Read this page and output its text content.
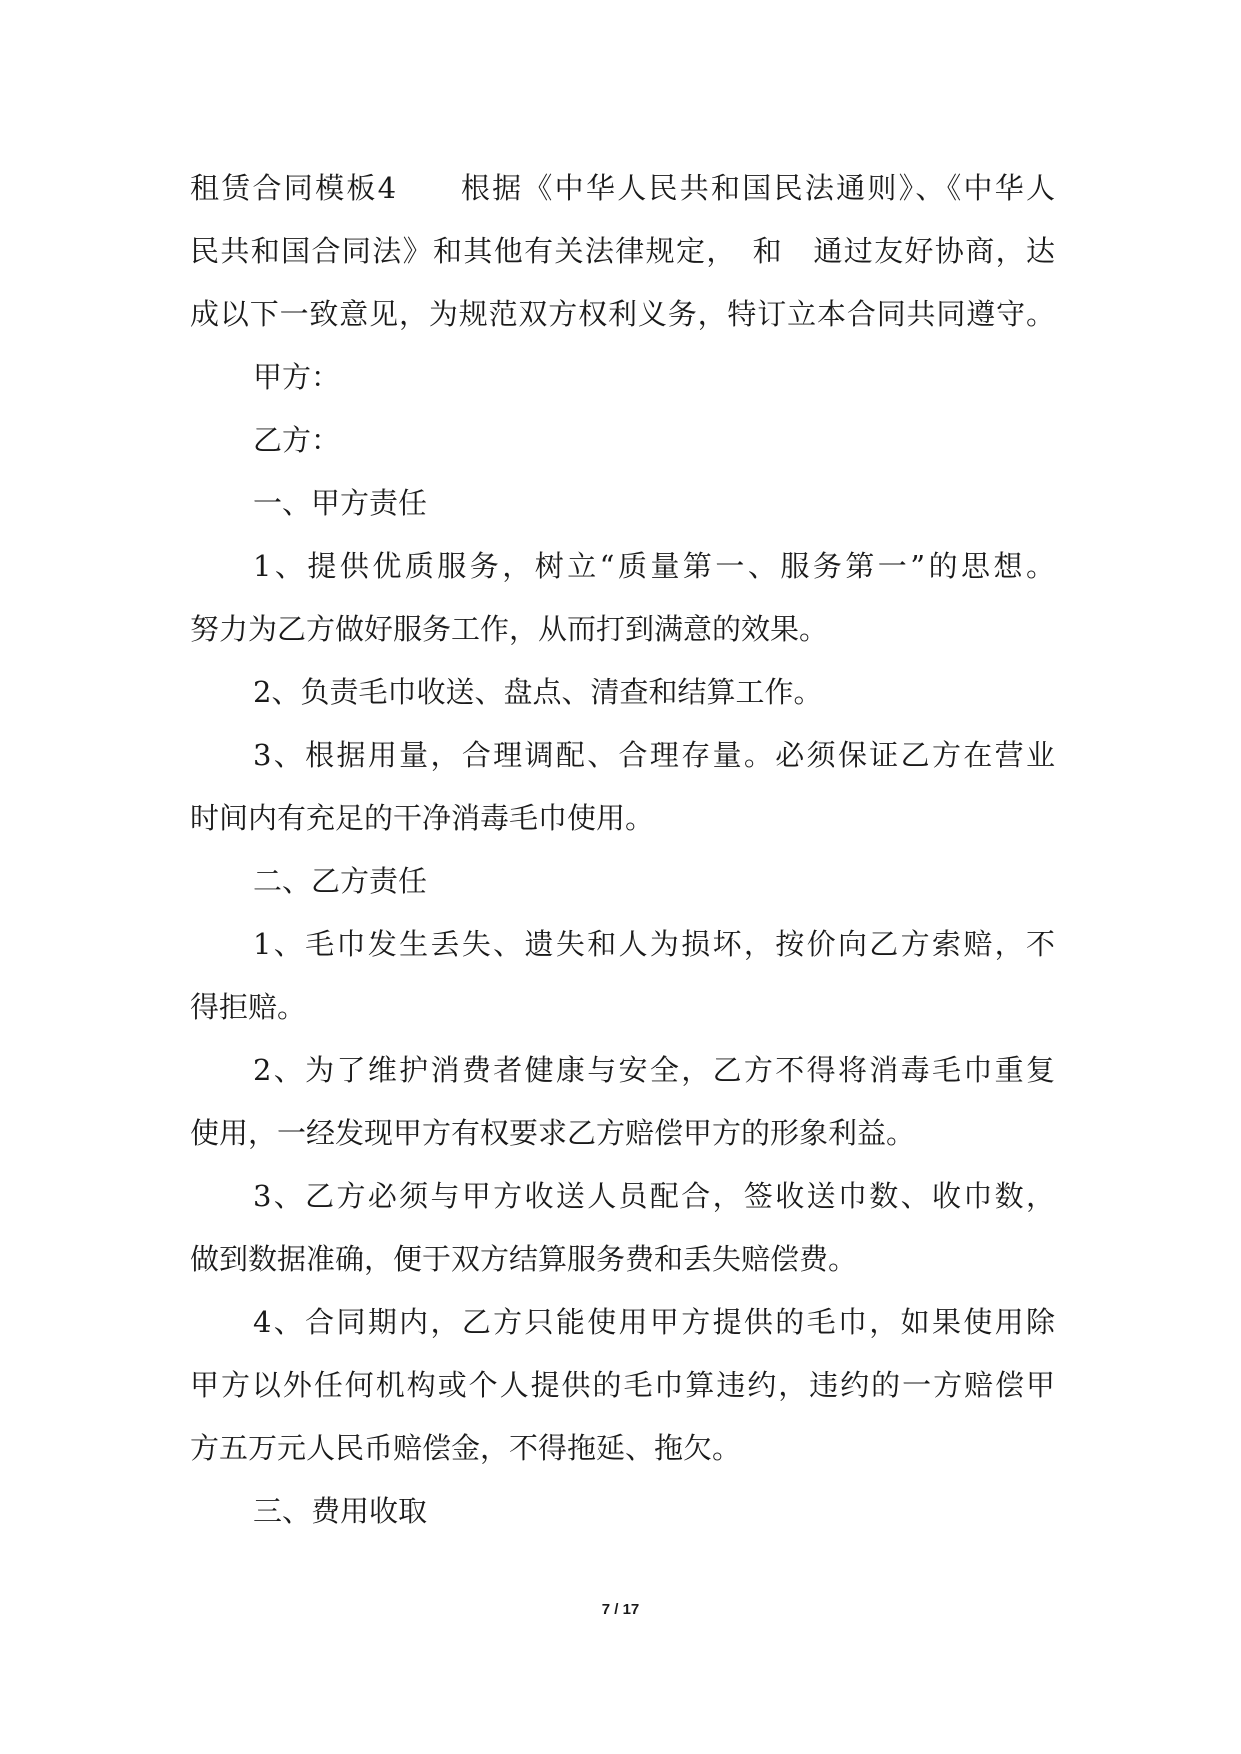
租赁合同模板4　　根据《中华人民共和国民法通则》、《中华人
民共和国合同法》和其他有关法律规定，　和　通过友好协商，达
成以下一致意见，为规范双方权利义务，特订立本合同共同遵守。
甲方：
乙方：
一、甲方责任
1、提供优质服务，树立“质量第一、服务第一”的思想。
努力为乙方做好服务工作，从而打到满意的效果。
2、负责毛巾收送、盘点、清查和结算工作。
3、根据用量，合理调配、合理存量。必须保证乙方在营业
时间内有充足的干净消毒毛巾使用。
二、乙方责任
1、毛巾发生丢失、遗失和人为损坏，按价向乙方索赔，不
得拒赔。
2、为了维护消费者健康与安全，乙方不得将消毒毛巾重复
使用，一经发现甲方有权要求乙方赔偿甲方的形象利益。
3、乙方必须与甲方收送人员配合，签收送巾数、收巾数，
做到数据准确，便于双方结算服务费和丢失赔偿费。
4、合同期内，乙方只能使用甲方提供的毛巾，如果使用除
甲方以外任何机构或个人提供的毛巾算违约，违约的一方赔偿甲
方五万元人民币赔偿金，不得拖延、拖欠。
三、费用收取
7 / 17
